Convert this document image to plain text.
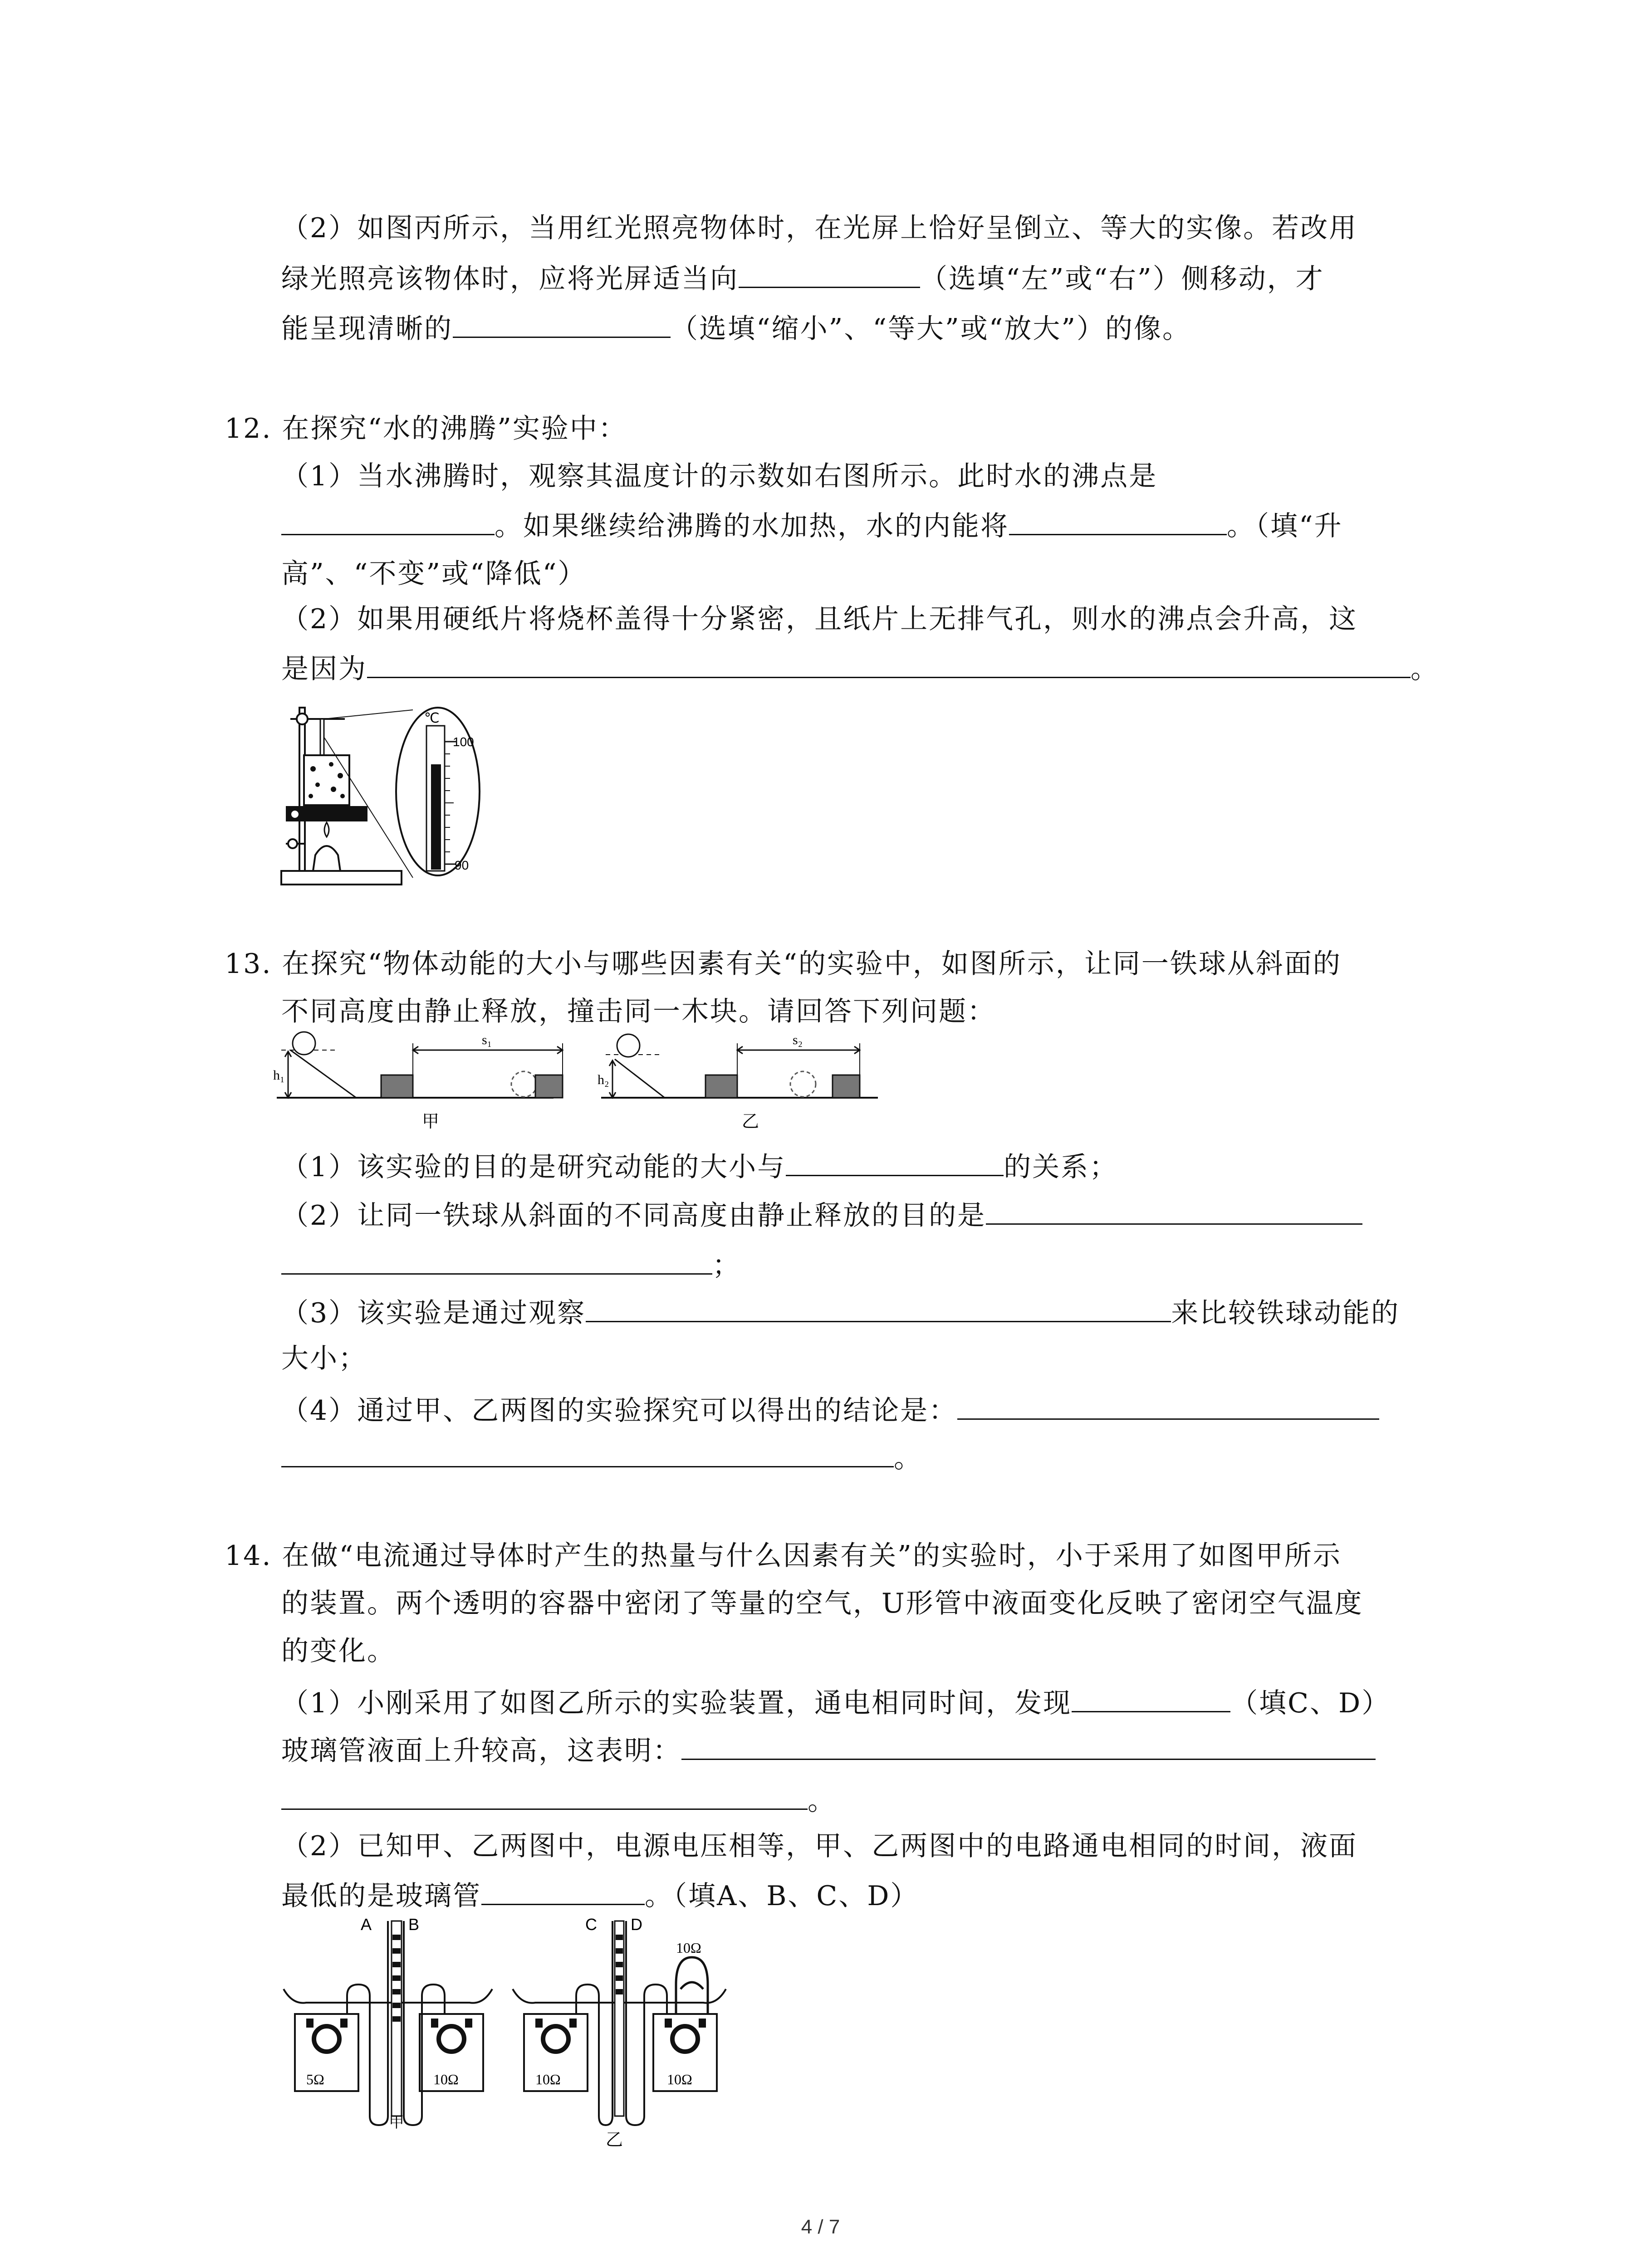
（2）如图丙所示，当用红光照亮物体时，在光屏上恰好呈倒立、等大的实像。若改用
绿光照亮该物体时，应将光屏适当向	（选填“左”或“右”）侧移动，才
能呈现清晰的	（选填“缩小”、“等大”或“放大”）的像。
12. 在探究“水的沸腾”实验中：
（1）当水沸腾时，观察其温度计的示数如右图所示。此时水的沸点是
。如果继续给沸腾的水加热，水的内能将	。（填“升
高”、“不变”或“降低“）
（2）如果用硬纸片将烧杯盖得十分紧密，且纸片上无排气孔，则水的沸点会升高，这
是因为	。
℃
100
90
13. 在探究“物体动能的大小与哪些因素有关“的实验中，如图所示，让同一铁球从斜面的
不同高度由静止释放，撞击同一木块。请回答下列问题：
h₁
s₁
甲
h₂
s₂
乙
（1）该实验的目的是研究动能的大小与	的关系；
（2）让同一铁球从斜面的不同高度由静止释放的目的是
；
（3）该实验是通过观察	来比较铁球动能的
大小；
（4）通过甲、乙两图的实验探究可以得出的结论是：
。
14. 在做“电流通过导体时产生的热量与什么因素有关”的实验时，小于采用了如图甲所示
的装置。两个透明的容器中密闭了等量的空气，U形管中液面变化反映了密闭空气温度
的变化。
（1）小刚采用了如图乙所示的实验装置，通电相同时间，发现	（填C、D）
玻璃管液面上升较高，这表明：
。
（2）已知甲、乙两图中，电源电压相等，甲、乙两图中的电路通电相同的时间，液面
最低的是玻璃管	。（填A、B、C、D）
A B
5Ω	10Ω
甲
C D
10Ω
10Ω	10Ω
乙
4 / 7
